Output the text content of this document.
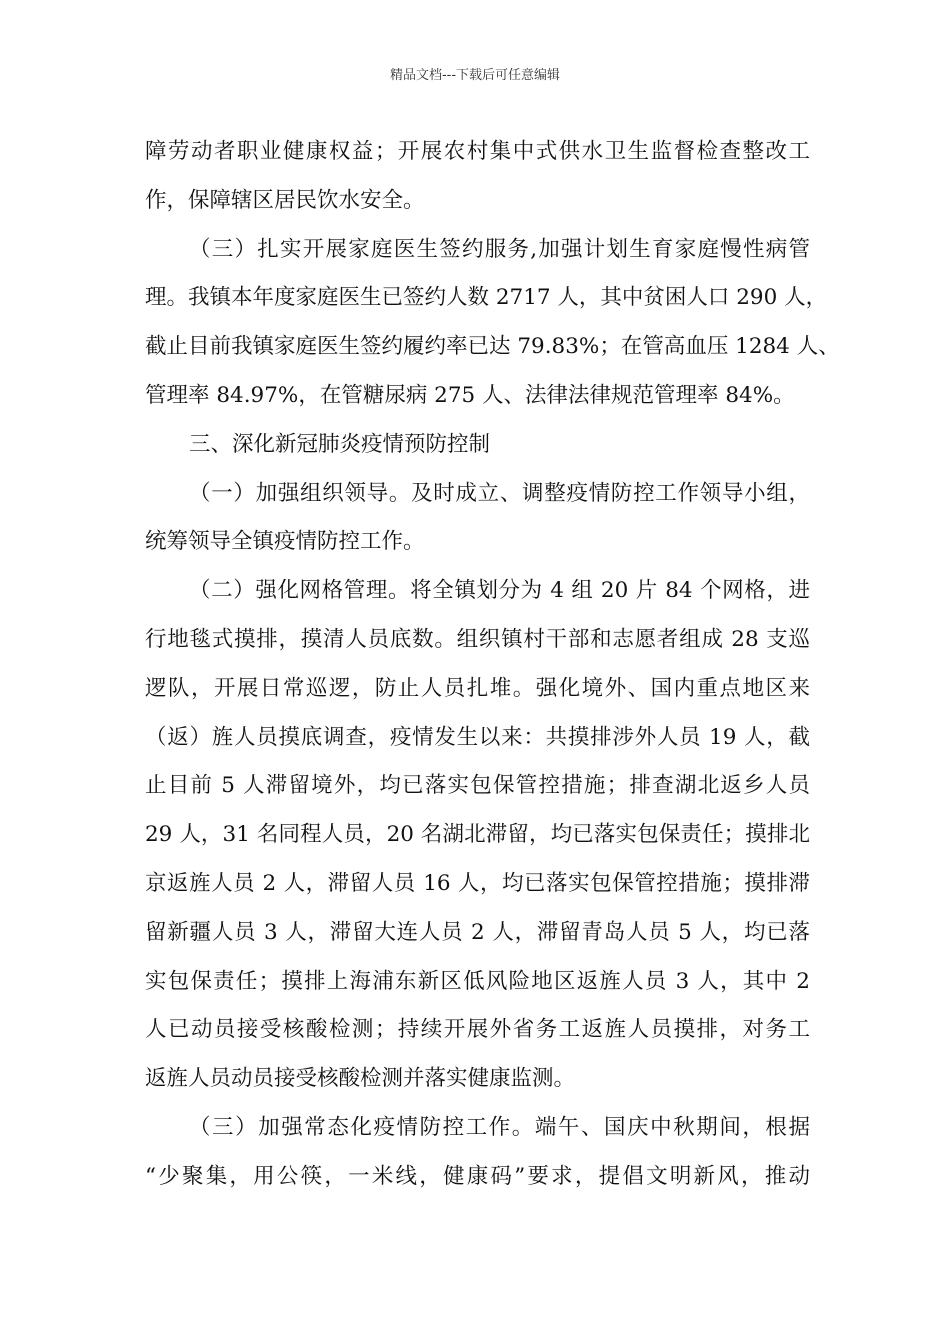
精品文档---下载后可任意编辑

障劳动者职业健康权益；开展农村集中式供水卫生监督检查整改工
作，保障辖区居民饮水安全。

（三）扎实开展家庭医生签约服务,加强计划生育家庭慢性病管
理。我镇本年度家庭医生已签约人数 2717 人，其中贫困人口 290 人，
截止目前我镇家庭医生签约履约率已达 79.83%；在管高血压 1284 人、
管理率 84.97%，在管糖尿病 275 人、法律法律规范管理率 84%。

三、深化新冠肺炎疫情预防控制

（一）加强组织领导。及时成立、调整疫情防控工作领导小组，
统筹领导全镇疫情防控工作。

（二）强化网格管理。将全镇划分为 4 组 20 片 84 个网格，进
行地毯式摸排，摸清人员底数。组织镇村干部和志愿者组成 28 支巡
逻队，开展日常巡逻，防止人员扎堆。强化境外、国内重点地区来
（返）旌人员摸底调查，疫情发生以来：共摸排涉外人员 19 人，截
止目前 5 人滞留境外，均已落实包保管控措施；排查湖北返乡人员
29 人，31 名同程人员，20 名湖北滞留，均已落实包保责任；摸排北
京返旌人员 2 人，滞留人员 16 人，均已落实包保管控措施；摸排滞
留新疆人员 3 人，滞留大连人员 2 人，滞留青岛人员 5 人，均已落
实包保责任；摸排上海浦东新区低风险地区返旌人员 3 人，其中 2
人已动员接受核酸检测；持续开展外省务工返旌人员摸排，对务工
返旌人员动员接受核酸检测并落实健康监测。

（三）加强常态化疫情防控工作。端午、国庆中秋期间，根据
“少聚集，用公筷，一米线，健康码”要求，提倡文明新风，推动
